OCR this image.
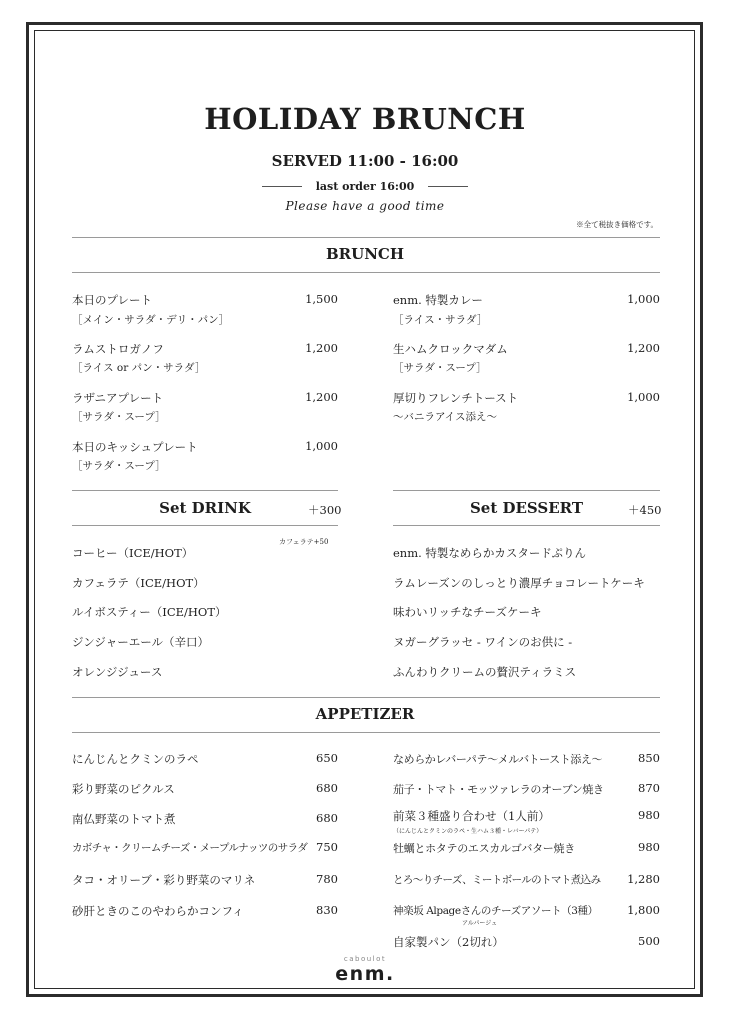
HOLIDAY BRUNCH
SERVED 11:00 - 16:00
last order 16:00
Please have a good time
※全て税抜き価格です。
BRUNCH
本日のプレート	1,500
［メイン・サラダ・デリ・パン］
ラムストロガノフ	1,200
［ライス or パン・サラダ］
ラザニアプレート	1,200
［サラダ・スープ］
本日のキッシュプレート	1,000
［サラダ・スープ］
enm. 特製カレー	1,000
［ライス・サラダ］
生ハムクロックマダム	1,200
［サラダ・スープ］
厚切りフレンチトースト	1,000
～バニラアイス添え～
Set DRINK	＋300
カフェラテ+50
コーヒー（ICE/HOT）
カフェラテ（ICE/HOT）
ルイボスティー（ICE/HOT）
ジンジャーエール（辛口）
オレンジジュース
Set DESSERT	＋450
enm. 特製なめらかカスタードぷりん
ラムレーズンのしっとり濃厚チョコレートケーキ
味わいリッチなチーズケーキ
ヌガーグラッセ - ワインのお供に -
ふんわりクリームの贅沢ティラミス
APPETIZER
にんじんとクミンのラペ	650
彩り野菜のピクルス	680
南仏野菜のトマト煮	680
カボチャ・クリームチーズ・メープルナッツのサラダ 750
タコ・オリーブ・彩り野菜のマリネ	780
砂肝ときのこのやわらかコンフィ	830
なめらかレバーパテ～メルバトースト添え～	850
茄子・トマト・モッツァレラのオーブン焼き	870
前菜３種盛り合わせ（1人前）	980
（にんじんとクミンのラペ・生ハム３種・レバーパテ）
牡蠣とホタテのエスカルゴバター焼き	980
とろ～りチーズ、ミートボールのトマト煮込み 1,280
神楽坂 Alpageさんのチーズアソート（3種）	1,800
アルパージュ
自家製パン（2切れ）	500
caboulot
enm.
